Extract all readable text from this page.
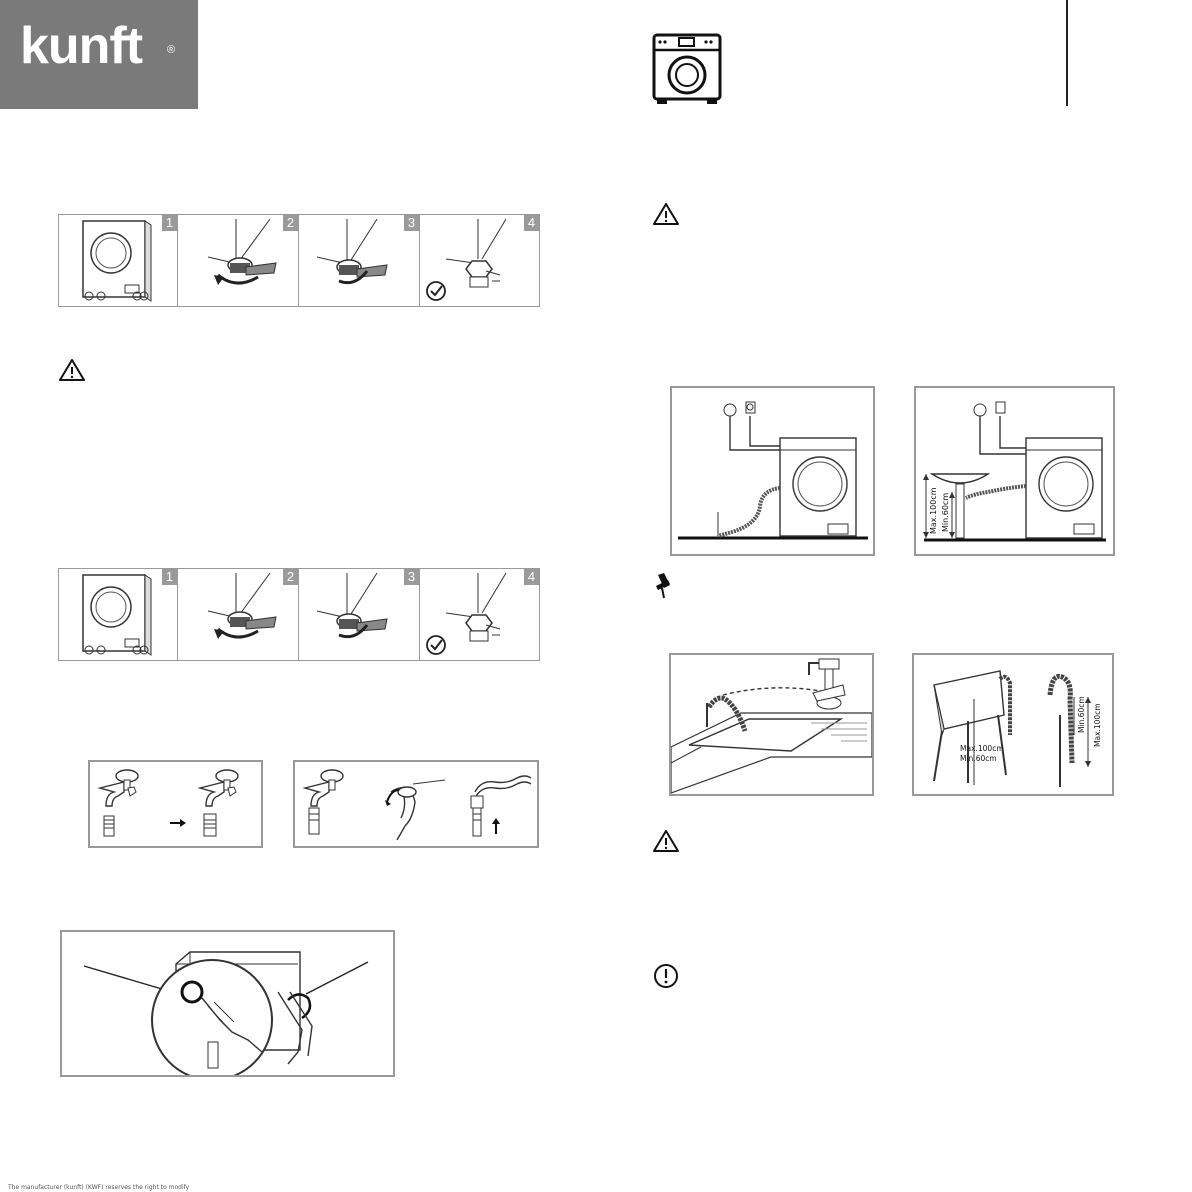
kunft ®
1	2	3	4
1	2	3	4
Max.100cm Min.60cm
Max.100cm
Min.60cm
Max.100cm
Min.60cm
The manufacturer (kunft) (KWF) reserves the right to modify
